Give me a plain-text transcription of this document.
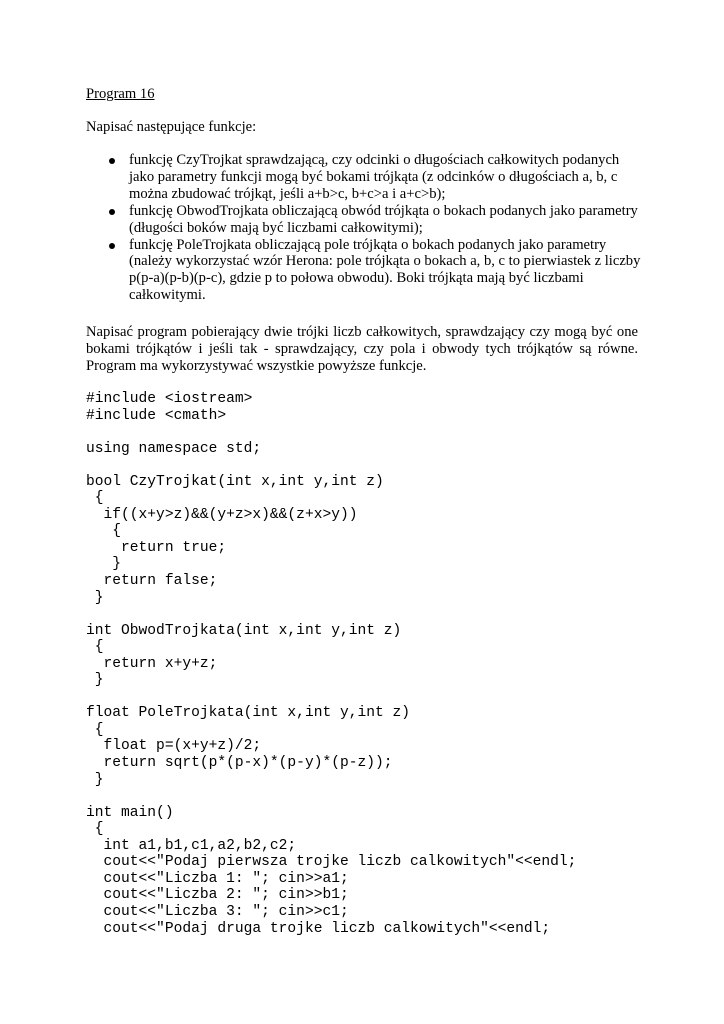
Program 16
Napisać następujące funkcje:
funkcję CzyTrojkat sprawdzającą, czy odcinki o długościach całkowitych podanych jako parametry funkcji mogą być bokami trójkąta (z odcinków o długościach a, b, c można zbudować trójkąt, jeśli a+b>c, b+c>a i a+c>b);
funkcję ObwodTrojkata obliczającą obwód trójkąta o bokach podanych jako parametry (długości boków mają być liczbami całkowitymi);
funkcję PoleTrojkata obliczającą pole trójkąta o bokach podanych jako parametry (należy wykorzystać wzór Herona: pole trójkąta o bokach a, b, c to pierwiastek z liczby p(p-a)(p-b)(p-c), gdzie p to połowa obwodu). Boki trójkąta mają być liczbami całkowitymi.

Napisać program pobierający dwie trójki liczb całkowitych, sprawdzający czy mogą być one bokami trójkątów i jeśli tak - sprawdzający, czy pola i obwody tych trójkątów są równe. Program ma wykorzystywać wszystkie powyższe funkcje.

#include <iostream>
#include <cmath>
using namespace std;
bool CzyTrojkat(int x,int y,int z)
{
if((x+y>z)&&(y+z>x)&&(z+x>y))
{
return true;
}
return false;
}
int ObwodTrojkata(int x,int y,int z)
{
return x+y+z;
}
float PoleTrojkata(int x,int y,int z)
{
float p=(x+y+z)/2;
return sqrt(p*(p-x)*(p-y)*(p-z));
}
int main()
{
int a1,b1,c1,a2,b2,c2;
cout<<"Podaj pierwsza trojke liczb calkowitych"<<endl;
cout<<"Liczba 1: "; cin>>a1;
cout<<"Liczba 2: "; cin>>b1;
cout<<"Liczba 3: "; cin>>c1;
cout<<"Podaj druga trojke liczb calkowitych"<<endl;
